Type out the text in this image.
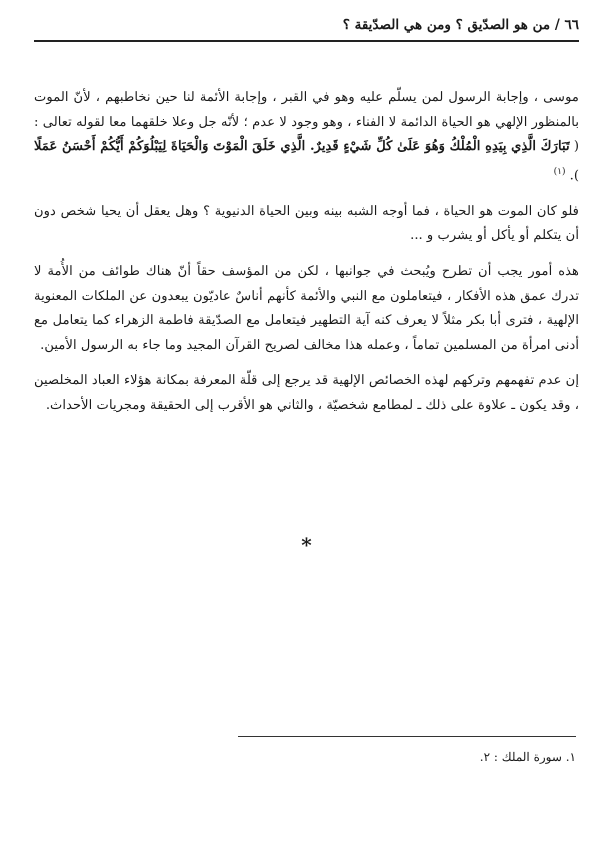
٦٦ / من هو الصدّيق ؟ ومن هي الصدّيقة ؟

موسى ، وإجابة الرسول لمن يسلّم عليه وهو في القبر ، وإجابة الأئمة لنا حين نخاطبهم ، لأنّ الموت بالمنظور الإلهي هو الحياة الدائمة لا الفناء ، وهو وجود لا عدم ؛ لأنّه جل وعلا خلقهما معا لقوله تعالى : ( تَبَارَكَ الَّذِي بِيَدِهِ الْمُلْكُ وَهُوَ عَلَىٰ كُلِّ شَيْءٍ قَدِيرٌ. الَّذِي خَلَقَ الْمَوْتَ وَالْحَيَاةَ لِيَبْلُوَكُمْ أَيُّكُمْ أَحْسَنُ عَمَلًا ). $^{(١)}$

فلو كان الموت هو الحياة ، فما أوجه الشبه بينه وبين الحياة الدنيوية ؟ وهل يعقل أن يحيا شخص دون أن يتكلم أو يأكل أو يشرب و ...

هذه أمور يجب أن تطرح ويُبحث في جوانبها ، لكن من المؤسف حقاً أنّ هناك طوائف من الأُمة لا تدرك عمق هذه الأفكار ، فيتعاملون مع النبي والأئمة كأنهم أناسٌ عاديّون يبعدون عن الملكات المعنوية الإلهية ، فترى أبا بكر مثلاً لا يعرف كنه آية التطهير فيتعامل مع الصدّيقة فاطمة الزهراء كما يتعامل مع أدنى امرأة من المسلمين تماماً ، وعمله هذا مخالف لصريح القرآن المجيد وما جاء به الرسول الأمين.

إن عدم تفهمهم وتركهم لهذه الخصائص الإلهية قد يرجع إلى قلّة المعرفة بمكانة هؤلاء العباد المخلصين ، وقد يكون ـ علاوة على ذلك ـ لمطامع شخصيّة ، والثاني هو الأقرب إلى الحقيقة ومجريات الأحداث.

*
١. سورة الملك : ٢.
